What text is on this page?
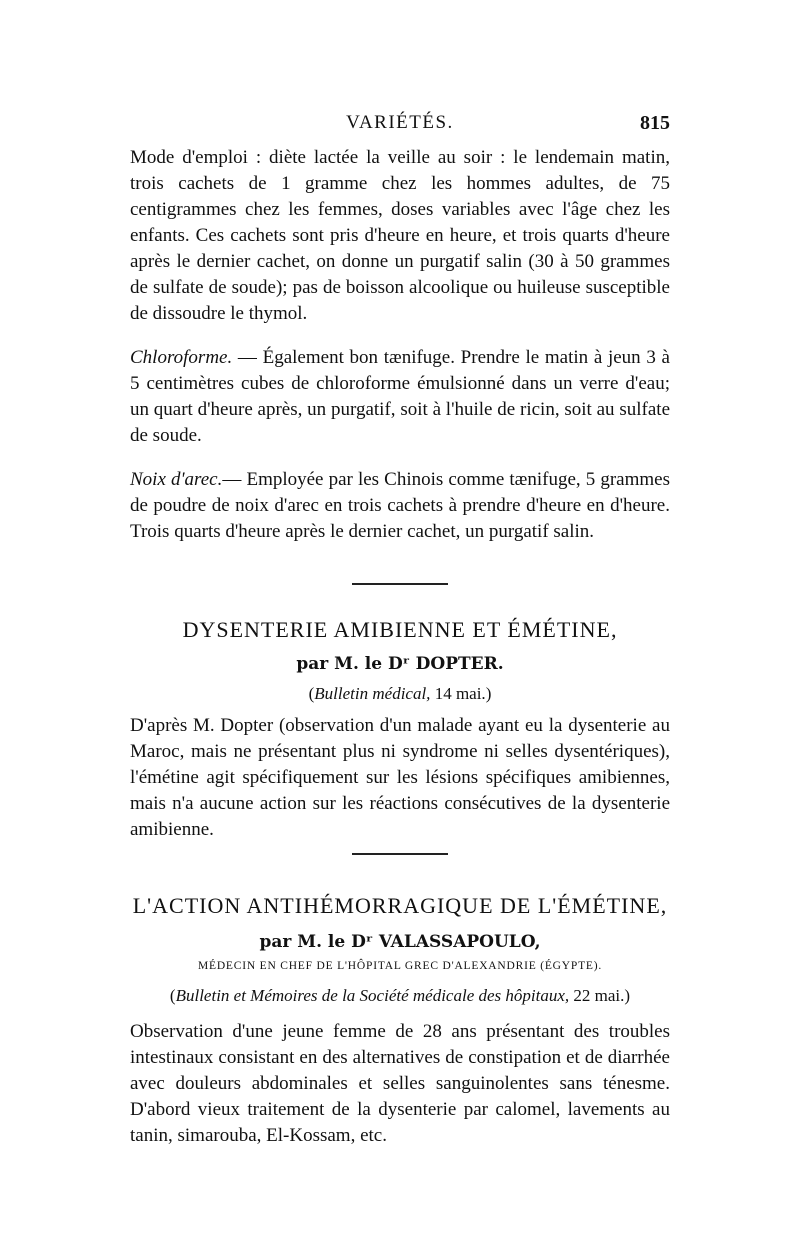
VARIÉTÉS.	815

Mode d'emploi : diète lactée la veille au soir : le lendemain matin, trois cachets de 1 gramme chez les hommes adultes, de 75 centigrammes chez les femmes, doses variables avec l'âge chez les enfants. Ces cachets sont pris d'heure en heure, et trois quarts d'heure après le dernier cachet, on donne un purgatif salin (30 à 50 grammes de sulfate de soude); pas de boisson alcoolique ou huileuse susceptible de dissoudre le thymol.

Chloroforme. — Également bon tænifuge. Prendre le matin à jeun 3 à 5 centimètres cubes de chloroforme émulsionné dans un verre d'eau; un quart d'heure après, un purgatif, soit à l'huile de ricin, soit au sulfate de soude.

Noix d'arec.— Employée par les Chinois comme tænifuge, 5 grammes de poudre de noix d'arec en trois cachets à prendre d'heure en d'heure. Trois quarts d'heure après le dernier cachet, un purgatif salin.

DYSENTERIE AMIBIENNE ET ÉMÉTINE,
par M. le Dʳ DOPTER.
(Bulletin médical, 14 mai.)

D'après M. Dopter (observation d'un malade ayant eu la dysenterie au Maroc, mais ne présentant plus ni syndrome ni selles dysentériques), l'émétine agit spécifiquement sur les lésions spécifiques amibiennes, mais n'a aucune action sur les réactions consécutives de la dysenterie amibienne.

L'ACTION ANTIHÉMORRAGIQUE DE L'ÉMÉTINE,
par M. le Dʳ VALASSAPOULO,
MÉDECIN EN CHEF DE L'HÔPITAL GREC D'ALEXANDRIE (ÉGYPTE).
(Bulletin et Mémoires de la Société médicale des hôpitaux, 22 mai.)

Observation d'une jeune femme de 28 ans présentant des troubles intestinaux consistant en des alternatives de constipation et de diarrhée avec douleurs abdominales et selles sanguinolentes sans ténesme. D'abord vieux traitement de la dysenterie par calomel, lavements au tanin, simarouba, El-Kossam, etc.
